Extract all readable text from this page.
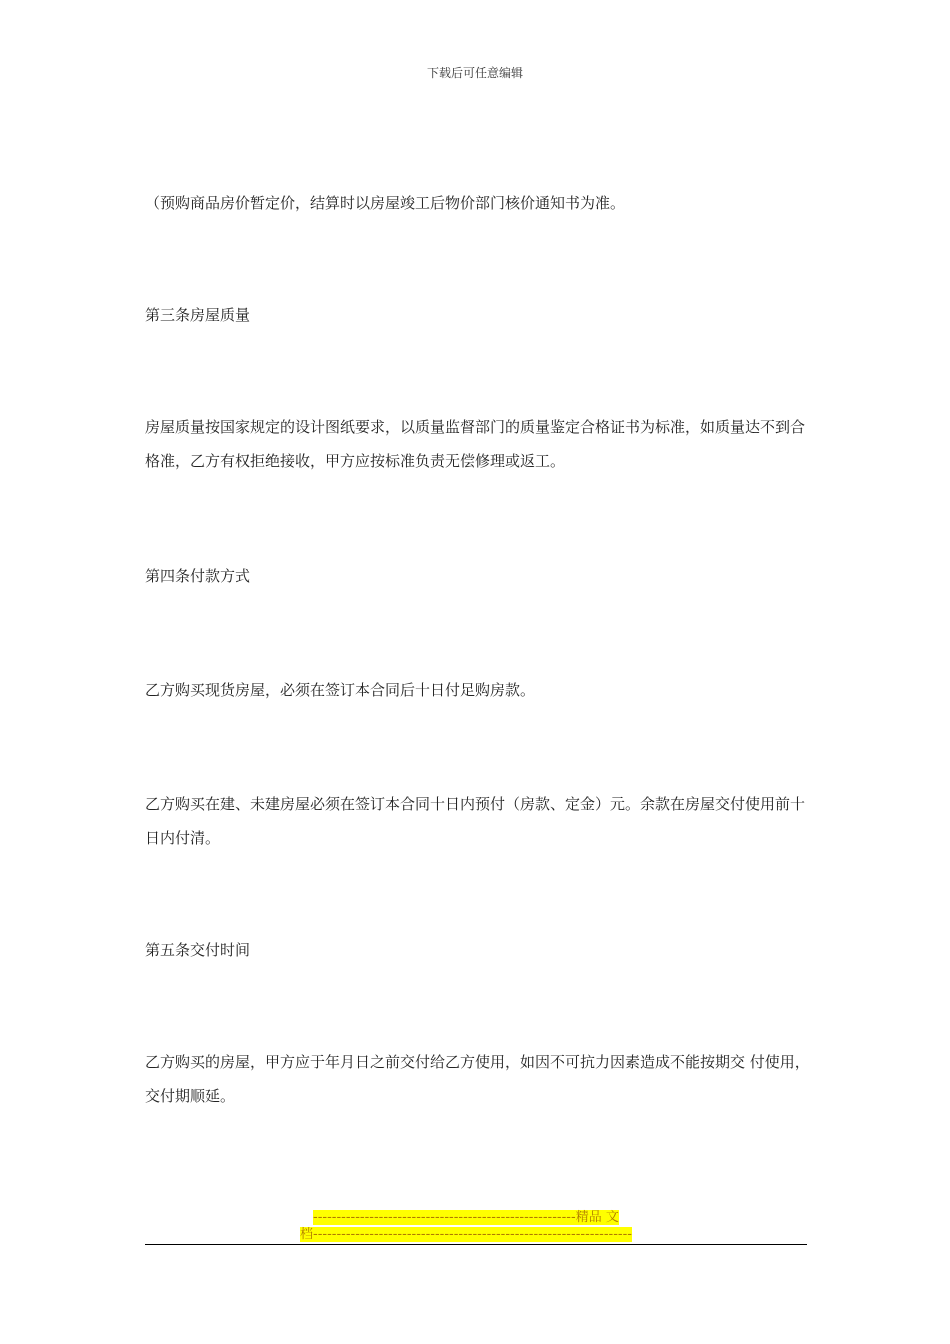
下载后可任意编辑

（预购商品房价暂定价，结算时以房屋竣工后物价部门核价通知书为准。

第三条房屋质量

房屋质量按国家规定的设计图纸要求，以质量监督部门的质量鉴定合格证书为标准，如质量达不到合格准，乙方有权拒绝接收，甲方应按标准负责无偿修理或返工。

第四条付款方式

乙方购买现货房屋，必须在签订本合同后十日付足购房款。

乙方购买在建、未建房屋必须在签订本合同十日内预付（房款、定金）元。余款在房屋交付使用前十日内付清。

第五条交付时间

乙方购买的房屋，甲方应于年月日之前交付给乙方使用，如因不可抗力因素造成不能按期交 付使用，交付期顺延。

--------------------------------------------------------精品 文
档--------------------------------------------------------------------
